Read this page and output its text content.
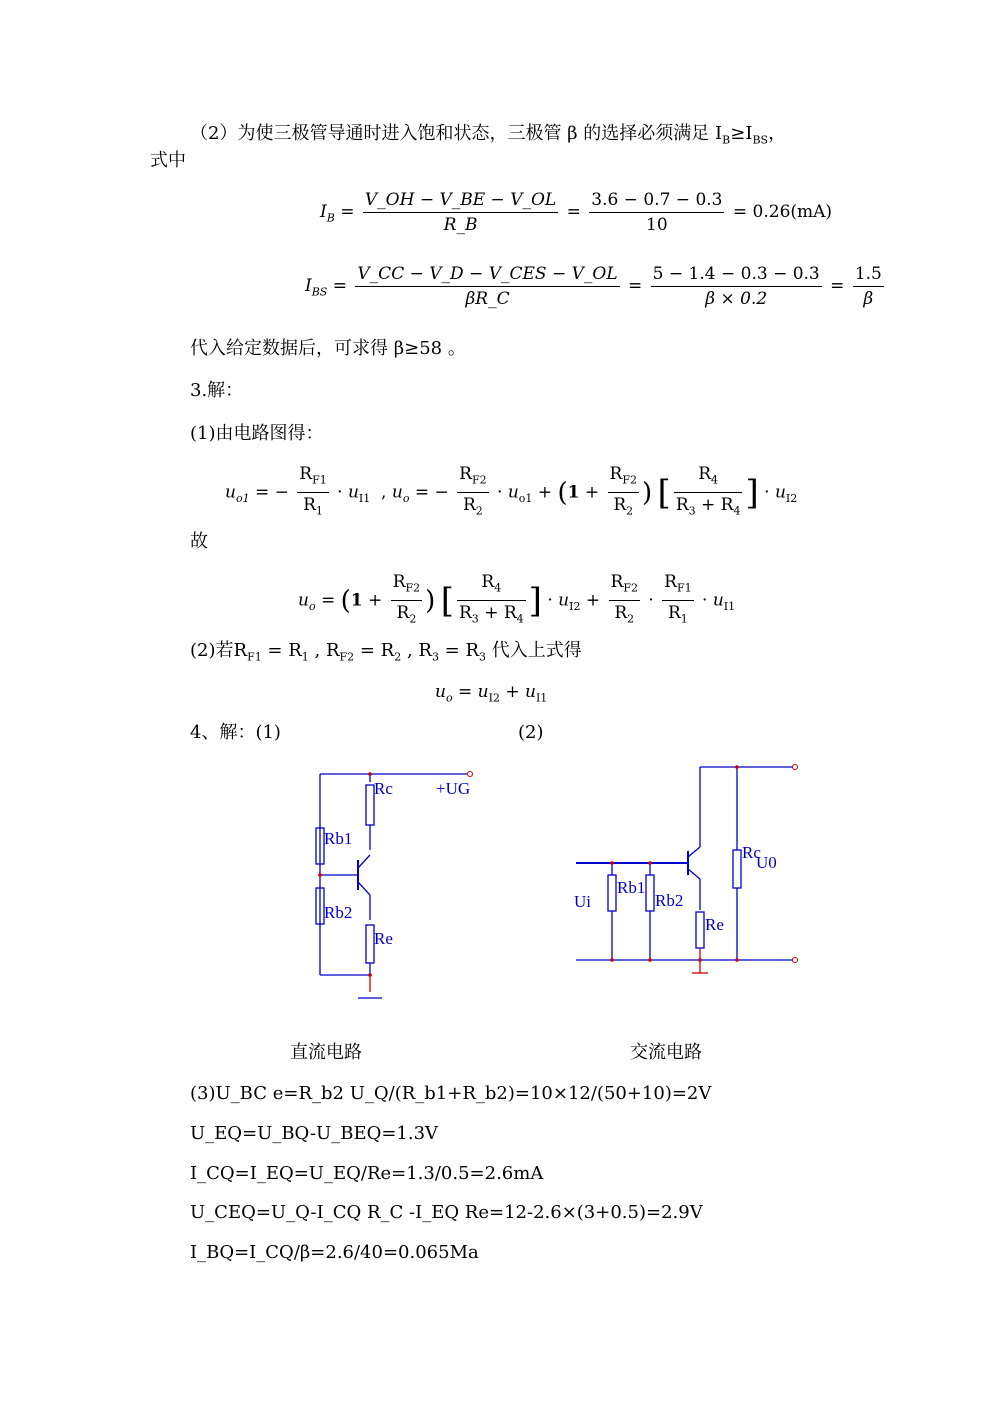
（2）为使三极管导通时进入饱和状态，三极管 β 的选择必须满足 $I_B\ge I_{BS}$，
式中
$I_B = \frac{V\_OH - V\_BE - V\_OL}{R\_B} = \frac{3.6 - 0.7 - 0.3}{10} = 0.26(mA)$
$I_{BS} = \frac{\text{V\_CC − V\_D − V\_CES − V\_OL}}{\beta R\_C} = \frac{5 - 1.4 - 0.3 - 0.3}{\beta \times 0.2} = \frac{1.5}{\beta}$
代入给定数据后，可求得 β≥58 。
3.解：
(1)由电路图得：
$u_{o1}$ = − $\frac{R_{F1}}{R_1} \cdot u_{I1}$  , $u_o$ = − $\frac{R_{F2}}{R_2} \cdot u_{o1} + (1 + \frac{R_{F2}}{R_2}$ ) [ $\frac{R_4}{R_3 + R_4}$ ] · $u_{I2}$
故
$u_o = (1 + \frac{R_{F2}}{R_2}$ ) [ $\frac{R_4}{R_3 + R_4}$ ] · $u_{I2} + \frac{R_{F2}}{R_2} \cdot \frac{R_{F1}}{R_1} \cdot u_{I1}$
(2)若$R_{F1} = R_1$ , $R_{F2} = R_2$ , $R_3 = R_3$ 代入上式得
$u_o = u_{I2} + u_{I1}$
4、解：(1)	(2)
Rc	+UG
Rb1
Rb2
Re
Rc
U0
Ui
Rb1
Rb2
Re
直流电路	交流电路
(3)U_BC e=R_b2 U_Q/(R_b1+R_b2)=10×12/(50+10)=2V
U_EQ=U_BQ-U_BEQ=1.3V
I_CQ=I_EQ=U_EQ/Re=1.3/0.5=2.6mA
U_CEQ=U_Q-I_CQ R_C -I_EQ Re=12-2.6×(3+0.5)=2.9V
I_BQ=I_CQ/β=2.6/40=0.065Ma
